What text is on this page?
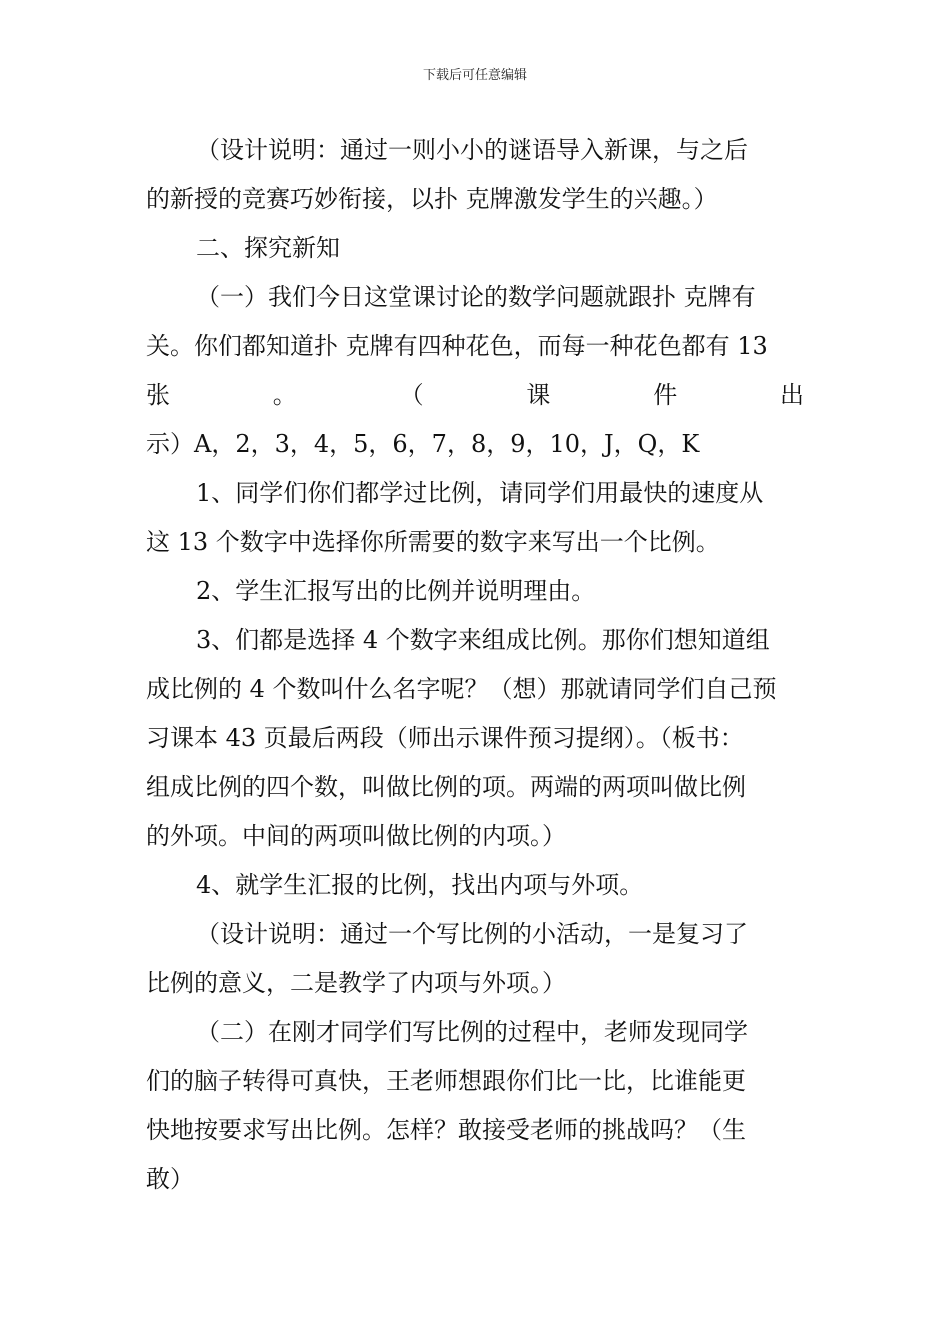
下载后可任意编辑
（设计说明：通过一则小小的谜语导入新课，与之后
的新授的竞赛巧妙衔接，以扑 克牌激发学生的兴趣。）
二、探究新知
（一）我们今日这堂课讨论的数学问题就跟扑 克牌有
关。你们都知道扑 克牌有四种花色，而每一种花色都有 13
张	。	（	课	件	出
示）A，2，3，4，5，6，7，8，9，10，J，Q，K
1、同学们你们都学过比例，请同学们用最快的速度从
这 13 个数字中选择你所需要的数字来写出一个比例。
2、学生汇报写出的比例并说明理由。
3、们都是选择 4 个数字来组成比例。那你们想知道组
成比例的 4 个数叫什么名字呢？（想）那就请同学们自己预
习课本 43 页最后两段（师出示课件预习提纲）。（板书：
组成比例的四个数，叫做比例的项。两端的两项叫做比例
的外项。中间的两项叫做比例的内项。）
4、就学生汇报的比例，找出内项与外项。
（设计说明：通过一个写比例的小活动，一是复习了
比例的意义，二是教学了内项与外项。）
（二）在刚才同学们写比例的过程中，老师发现同学
们的脑子转得可真快，王老师想跟你们比一比，比谁能更
快地按要求写出比例。怎样？敢接受老师的挑战吗？（生
敢）
